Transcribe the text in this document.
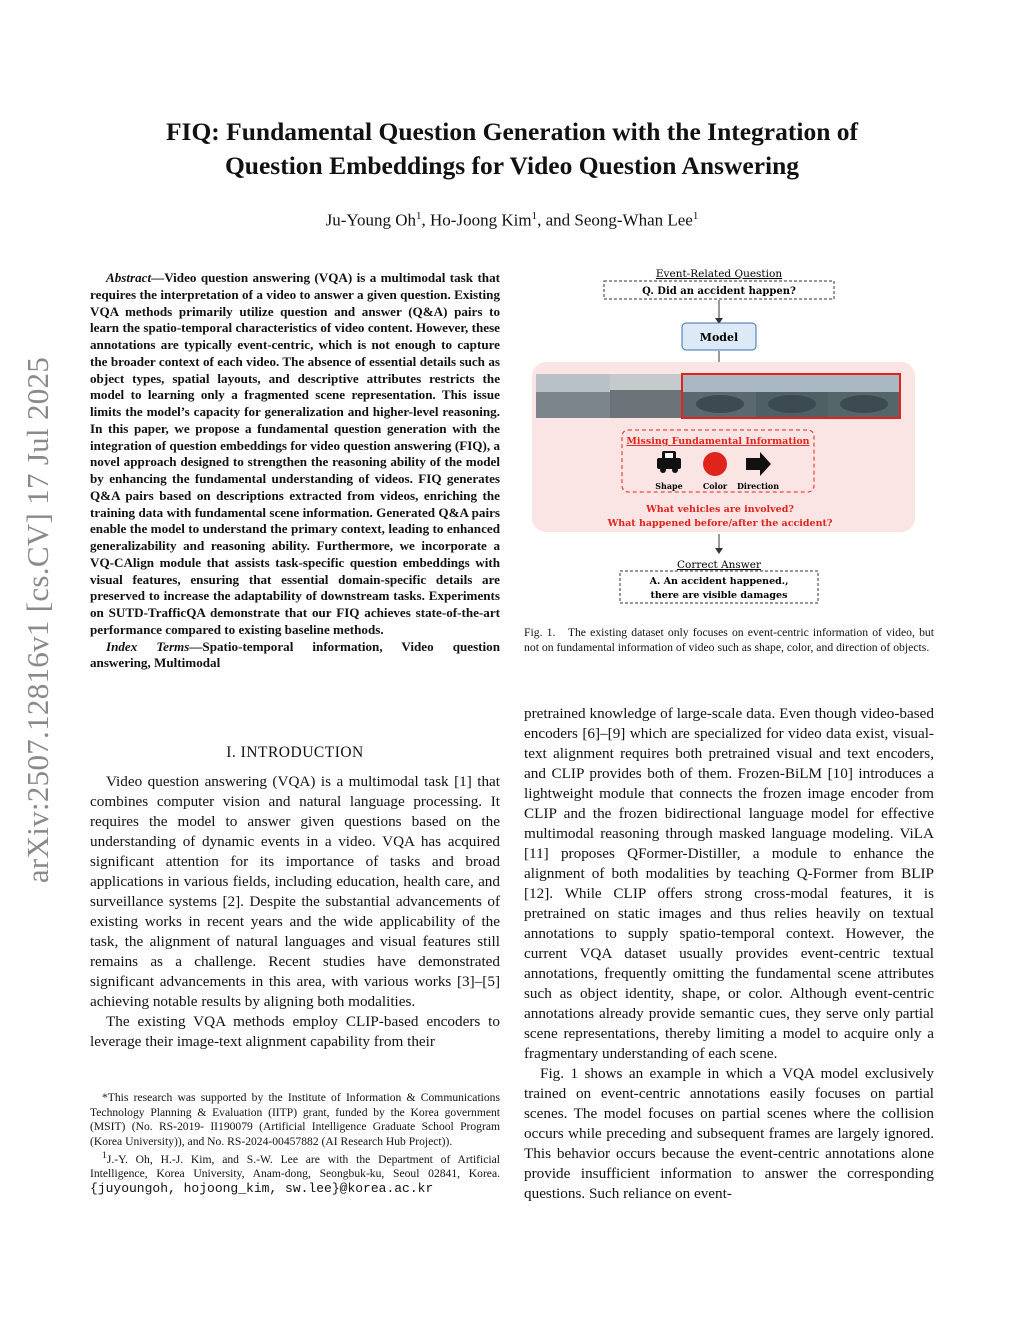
arXiv:2507.12816v1 [cs.CV] 17 Jul 2025
FIQ: Fundamental Question Generation with the Integration of
Question Embeddings for Video Question Answering
Ju-Young Oh$^1$, Ho-Joong Kim$^1$, and Seong-Whan Lee$^1$

Abstract—Video question answering (VQA) is a multimodal task that requires the interpretation of a video to answer a given question. Existing VQA methods primarily utilize question and answer (Q&A) pairs to learn the spatio-temporal characteristics of video content. However, these annotations are typically event-centric, which is not enough to capture the broader context of each video. The absence of essential details such as object types, spatial layouts, and descriptive attributes restricts the model to learning only a fragmented scene representation. This issue limits the model’s capacity for generalization and higher-level reasoning. In this paper, we propose a fundamental question generation with the integration of question embeddings for video question answering (FIQ), a novel approach designed to strengthen the reasoning ability of the model by enhancing the fundamental understanding of videos. FIQ generates Q&A pairs based on descriptions extracted from videos, enriching the training data with fundamental scene information. Generated Q&A pairs enable the model to understand the primary context, leading to enhanced generalizability and reasoning ability. Furthermore, we incorporate a VQ-CAlign module that assists task-specific question embeddings with visual features, ensuring that essential domain-specific details are preserved to increase the adaptability of downstream tasks. Experiments on SUTD-TrafficQA demonstrate that our FIQ achieves state-of-the-art performance compared to existing baseline methods.

Index Terms—Spatio-temporal information, Video question answering, Multimodal

I. INTRODUCTION

Video question answering (VQA) is a multimodal task [1] that combines computer vision and natural language processing. It requires the model to answer given questions based on the understanding of dynamic events in a video. VQA has acquired significant attention for its importance of tasks and broad applications in various fields, including education, health care, and surveillance systems [2]. Despite the substantial advancements of existing works in recent years and the wide applicability of the task, the alignment of natural languages and visual features still remains as a challenge. Recent studies have demonstrated significant advancements in this area, with various works [3]–[5] achieving notable results by aligning both modalities.

The existing VQA methods employ CLIP-based encoders to leverage their image-text alignment capability from their

*This research was supported by the Institute of Information & Communications Technology Planning & Evaluation (IITP) grant, funded by the Korea government (MSIT) (No. RS-2019- II190079 (Artificial Intelligence Graduate School Program (Korea University)), and No. RS-2024-00457882 (AI Research Hub Project)).

$^1$J.-Y. Oh, H.-J. Kim, and S.-W. Lee are with the Department of Artificial Intelligence, Korea University, Anam-dong, Seongbuk-ku, Seoul 02841, Korea. {juyoungoh, hojoong_kim, sw.lee}@korea.ac.kr

Event-Related Question
Q. Did an accident happen?
Model
Missing Fundamental Information
Shape	Color Direction
What vehicles are involved?
What happened before/after the accident?
Correct Answer
A. An accident happened.,
there are visible damages
Fig. 1. The existing dataset only focuses on event-centric information of video, but not on fundamental information of video such as shape, color, and direction of objects.

pretrained knowledge of large-scale data. Even though video-based encoders [6]–[9] which are specialized for video data exist, visual-text alignment requires both pretrained visual and text encoders, and CLIP provides both of them. Frozen-BiLM [10] introduces a lightweight module that connects the frozen image encoder from CLIP and the frozen bidirectional language model for effective multimodal reasoning through masked language modeling. ViLA [11] proposes QFormer-Distiller, a module to enhance the alignment of both modalities by teaching Q-Former from BLIP [12]. While CLIP offers strong cross-modal features, it is pretrained on static images and thus relies heavily on textual annotations to supply spatio-temporal context. However, the current VQA dataset usually provides event-centric textual annotations, frequently omitting the fundamental scene attributes such as object identity, shape, or color. Although event-centric annotations already provide semantic cues, they serve only partial scene representations, thereby limiting a model to acquire only a fragmentary understanding of each scene.

Fig. 1 shows an example in which a VQA model exclusively trained on event-centric annotations easily focuses on partial scenes. The model focuses on partial scenes where the collision occurs while preceding and subsequent frames are largely ignored. This behavior occurs because the event-centric annotations alone provide insufficient information to answer the corresponding questions. Such reliance on event-
